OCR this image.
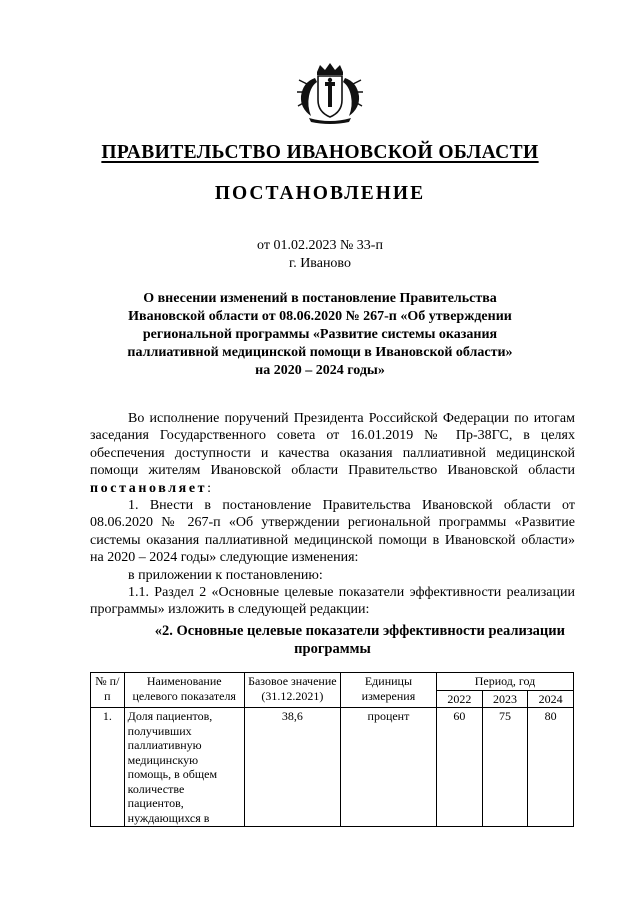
ПРАВИТЕЛЬСТВО ИВАНОВСКОЙ ОБЛАСТИ
ПОСТАНОВЛЕНИЕ
от 01.02.2023 № 33-п
г. Иваново
О внесении изменений в постановление Правительства
Ивановской области от 08.06.2020 № 267-п «Об утверждении
региональной программы «Развитие системы оказания
паллиативной медицинской помощи в Ивановской области»
на 2020 – 2024 годы»

Во исполнение поручений Президента Российской Федерации по итогам заседания Государственного совета от 16.01.2019 № Пр-38ГС, в целях обеспечения доступности и качества оказания паллиативной медицинской помощи жителям Ивановской области Правительство Ивановской области постановляет:

1. Внести в постановление Правительства Ивановской области от 08.06.2020 № 267-п «Об утверждении региональной программы «Развитие системы оказания паллиативной медицинской помощи в Ивановской области» на 2020 – 2024 годы» следующие изменения:

в приложении к постановлению:

1.1. Раздел 2 «Основные целевые показатели эффективности реализации программы» изложить в следующей редакции:

«2. Основные целевые показатели эффективности реализации
программы
№ п/п	Наименование целевого показателя	Базовое значение (31.12.2021)	Единицы измерения	Период, год		
				2022	2023	2024
1.	Доля пациентов, получивших паллиативную медицинскую помощь, в общем количестве пациентов, нуждающихся в	38,6	процент	60	75	80
